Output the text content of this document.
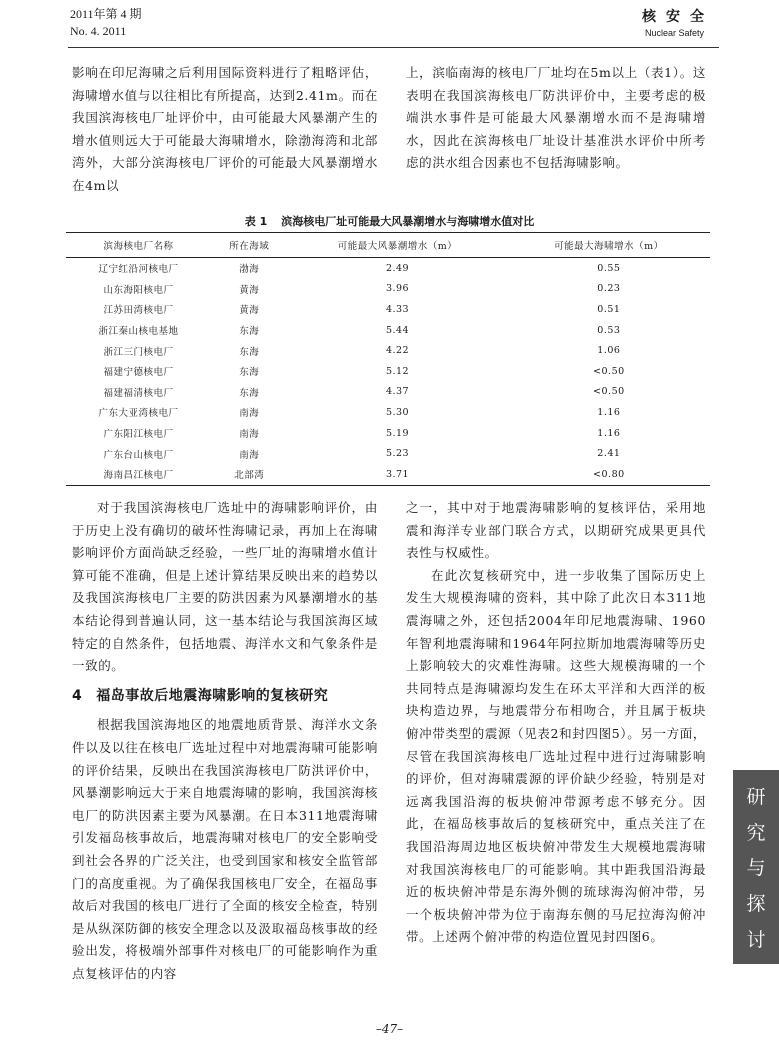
2011年第 4 期
No. 4. 2011
核安全
Nuclear Safety

影响在印尼海啸之后利用国际资料进行了粗略评估，海啸增水值与以往相比有所提高，达到2.41m。而在我国滨海核电厂址评价中，由可能最大风暴潮产生的增水值则远大于可能最大海啸增水，除渤海湾和北部湾外，大部分滨海核电厂评价的可能最大风暴潮增水在4m以

上，滨临南海的核电厂厂址均在5m以上（表1）。这表明在我国滨海核电厂防洪评价中，主要考虑的极端洪水事件是可能最大风暴潮增水而不是海啸增水，因此在滨海核电厂址设计基准洪水评价中所考虑的洪水组合因素也不包括海啸影响。

表 1 滨海核电厂址可能最大风暴潮增水与海啸增水值对比
滨海核电厂名称	所在海域	可能最大风暴潮增水（m）	可能最大海啸增水（m）
辽宁红沿河核电厂	渤海	2.49	0.55
山东海阳核电厂	黄海	3.96	0.23
江苏田湾核电厂	黄海	4.33	0.51
浙江秦山核电基地	东海	5.44	0.53
浙江三门核电厂	东海	4.22	1.06
福建宁德核电厂	东海	5.12	<0.50
福建福清核电厂	东海	4.37	<0.50
广东大亚湾核电厂	南海	5.30	1.16
广东阳江核电厂	南海	5.19	1.16
广东台山核电厂	南海	5.23	2.41
海南昌江核电厂	北部湾	3.71	<0.80

对于我国滨海核电厂选址中的海啸影响评价，由于历史上没有确切的破坏性海啸记录，再加上在海啸影响评价方面尚缺乏经验，一些厂址的海啸增水值计算可能不准确，但是上述计算结果反映出来的趋势以及我国滨海核电厂主要的防洪因素为风暴潮增水的基本结论得到普遍认同，这一基本结论与我国滨海区域特定的自然条件，包括地震、海洋水文和气象条件是一致的。

4 福岛事故后地震海啸影响的复核研究

根据我国滨海地区的地震地质背景、海洋水文条件以及以往在核电厂选址过程中对地震海啸可能影响的评价结果，反映出在我国滨海核电厂防洪评价中，风暴潮影响远大于来自地震海啸的影响，我国滨海核电厂的防洪因素主要为风暴潮。在日本311地震海啸引发福岛核事故后，地震海啸对核电厂的安全影响受到社会各界的广泛关注，也受到国家和核安全监管部门的高度重视。为了确保我国核电厂安全，在福岛事故后对我国的核电厂进行了全面的核安全检查，特别是从纵深防御的核安全理念以及汲取福岛核事故的经验出发，将极端外部事件对核电厂的可能影响作为重点复核评估的内容

之一，其中对于地震海啸影响的复核评估，采用地震和海洋专业部门联合方式，以期研究成果更具代表性与权威性。

在此次复核研究中，进一步收集了国际历史上发生大规模海啸的资料，其中除了此次日本311地震海啸之外，还包括2004年印尼地震海啸、1960年智利地震海啸和1964年阿拉斯加地震海啸等历史上影响较大的灾难性海啸。这些大规模海啸的一个共同特点是海啸源均发生在环太平洋和大西洋的板块构造边界，与地震带分布相吻合，并且属于板块俯冲带类型的震源（见表2和封四图5）。另一方面，尽管在我国滨海核电厂选址过程中进行过海啸影响的评价，但对海啸震源的评价缺少经验，特别是对远离我国沿海的板块俯冲带源考虑不够充分。因此，在福岛核事故后的复核研究中，重点关注了在我国沿海周边地区板块俯冲带发生大规模地震海啸对我国滨海核电厂的可能影响。其中距我国沿海最近的板块俯冲带是东海外侧的琉球海沟俯冲带，另一个板块俯冲带为位于南海东侧的马尼拉海沟俯冲带。上述两个俯冲带的构造位置见封四图6。

研
究
与
探
讨
–47–
